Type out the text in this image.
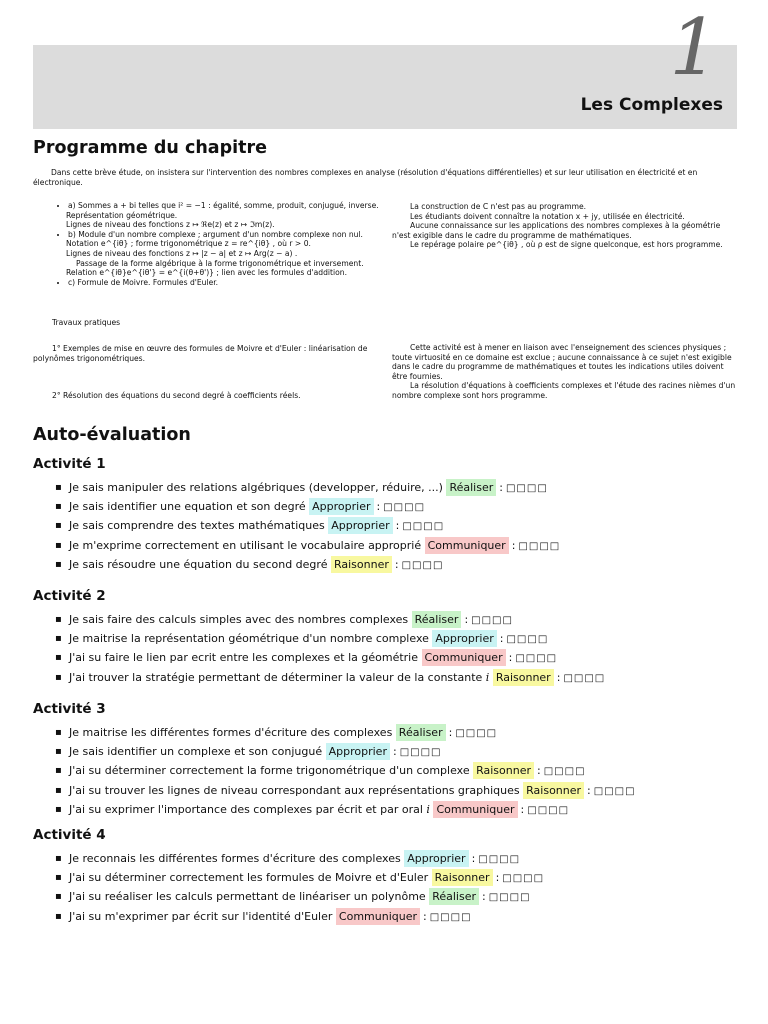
1
Les Complexes
Programme du chapitre
Dans cette brève étude, on insistera sur l'intervention des nombres complexes en analyse (résolution d'équations différentielles) et sur leur utilisation en électricité et en électronique.
• a) Sommes a + bi telles que i² = −1 : égalité, somme, produit, conjugué, inverse.
Représentation géométrique.
Lignes de niveau des fonctions z ↦ ℜe(z) et z ↦ ℑm(z).
• b) Module d'un nombre complexe ; argument d'un nombre complexe non nul.
Notation e^{iθ} ; forme trigonométrique z = re^{iθ} , où r > 0.
Lignes de niveau des fonctions z ↦ |z − a| et z ↦ Arg(z − a) .
Passage de la forme algébrique à la forme trigonométrique et inversement.
Relation e^{iθ}e^{iθ'} = e^{i(θ+θ')} ; lien avec les formules d'addition.
• c) Formule de Moivre. Formules d'Euler.

La construction de C n'est pas au programme.

Les étudiants doivent connaître la notation x + jy, utilisée en électricité.

Aucune connaissance sur les applications des nombres complexes à la géométrie n'est exigible dans le cadre du programme de mathématiques.

Le repérage polaire ρe^{iθ} , où ρ est de signe quelconque, est hors programme.

Travaux pratiques
1° Exemples de mise en œuvre des formules de Moivre et d'Euler : linéarisation de polynômes trigonométriques.
2° Résolution des équations du second degré à coefficients réels.

Cette activité est à mener en liaison avec l'enseignement des sciences physiques ; toute virtuosité en ce domaine est exclue ; aucune connaissance à ce sujet n'est exigible dans le cadre du programme de mathématiques et toutes les indications utiles doivent être fournies.

La résolution d'équations à coefficients complexes et l'étude des racines nièmes d'un nombre complexe sont hors programme.

Auto-évaluation
Activité 1
▪ Je sais manipuler des relations algébriques (developper, réduire, ...) Réaliser : □□□□
▪ Je sais identifier une equation et son degré Approprier : □□□□
▪ Je sais comprendre des textes mathématiques Approprier : □□□□
▪ Je m'exprime correctement en utilisant le vocabulaire approprié Communiquer : □□□□
▪ Je sais résoudre une équation du second degré Raisonner : □□□□
Activité 2
▪ Je sais faire des calculs simples avec des nombres complexes Réaliser : □□□□
▪ Je maitrise la représentation géométrique d'un nombre complexe Approprier : □□□□
▪ J'ai su faire le lien par ecrit entre les complexes et la géométrie Communiquer : □□□□
▪ J'ai trouver la stratégie permettant de déterminer la valeur de la constante i Raisonner : □□□□
Activité 3
▪ Je maitrise les différentes formes d'écriture des complexes Réaliser : □□□□
▪ Je sais identifier un complexe et son conjugué Approprier : □□□□
▪ J'ai su déterminer correctement la forme trigonométrique d'un complexe Raisonner : □□□□
▪ J'ai su trouver les lignes de niveau correspondant aux représentations graphiques Raisonner : □□□□
▪ J'ai su exprimer l'importance des complexes par écrit et par oral i Communiquer : □□□□
Activité 4
▪ Je reconnais les différentes formes d'écriture des complexes Approprier : □□□□
▪ J'ai su déterminer correctement les formules de Moivre et d'Euler Raisonner : □□□□
▪ J'ai su reéaliser les calculs permettant de linéariser un polynôme Réaliser : □□□□
▪ J'ai su m'exprimer par écrit sur l'identité d'Euler Communiquer : □□□□
